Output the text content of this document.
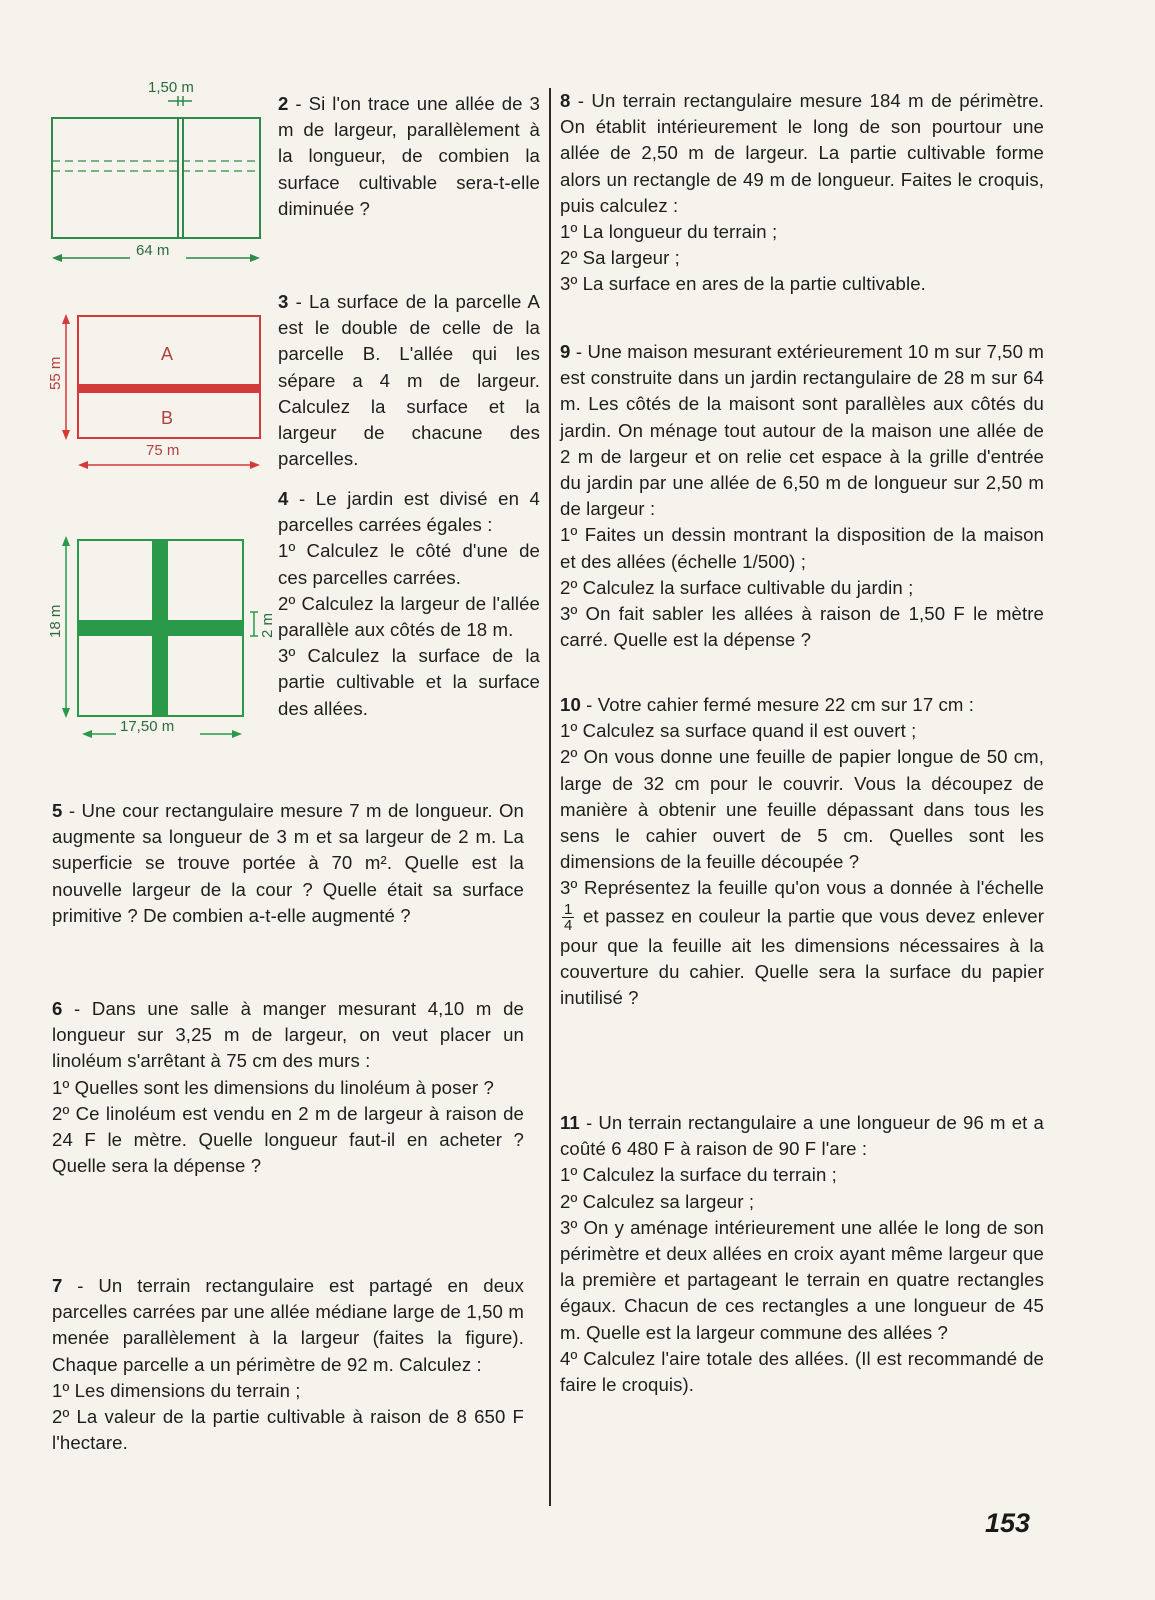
1,50 m
64 m
55 m
A
B
75 m
18 m	2 m
17,50 m

2 - Si l'on trace une allée de 3 m de largeur, parallèlement à la longueur, de combien la surface cultivable sera-t-elle diminuée ?

3 - La surface de la parcelle A est le double de celle de la parcelle B. L'allée qui les sépare a 4 m de largeur. Calculez la surface et la largeur de chacune des parcelles.

4 - Le jardin est divisé en 4 parcelles carrées égales :
1º Calculez le côté d'une de ces parcelles carrées.
2º Calculez la largeur de l'allée parallèle aux côtés de 18 m.
3º Calculez la surface de la partie cultivable et la surface des allées.

5 - Une cour rectangulaire mesure 7 m de longueur. On augmente sa longueur de 3 m et sa largeur de 2 m. La superficie se trouve portée à 70 m². Quelle est la nouvelle largeur de la cour ? Quelle était sa surface primitive ? De combien a-t-elle augmenté ?

6 - Dans une salle à manger mesurant 4,10 m de longueur sur 3,25 m de largeur, on veut placer un linoléum s'arrêtant à 75 cm des murs :
1º Quelles sont les dimensions du linoléum à poser ?
2º Ce linoléum est vendu en 2 m de largeur à raison de 24 F le mètre. Quelle longueur faut-il en acheter ? Quelle sera la dépense ?
7 - Un terrain rectangulaire est partagé en deux parcelles carrées par une allée médiane large de 1,50 m menée parallèlement à la largeur (faites la figure). Chaque parcelle a un périmètre de 92 m. Calculez :
1º Les dimensions du terrain ;
2º La valeur de la partie cultivable à raison de 8 650 F l'hectare.
8 - Un terrain rectangulaire mesure 184 m de périmètre. On établit intérieurement le long de son pourtour une allée de 2,50 m de largeur. La partie cultivable forme alors un rectangle de 49 m de longueur. Faites le croquis, puis calculez :
1º La longueur du terrain ;
2º Sa largeur ;
3º La surface en ares de la partie cultivable.
9 - Une maison mesurant extérieurement 10 m sur 7,50 m est construite dans un jardin rectangulaire de 28 m sur 64 m. Les côtés de la maisont sont parallèles aux côtés du jardin. On ménage tout autour de la maison une allée de 2 m de largeur et on relie cet espace à la grille d'entrée du jardin par une allée de 6,50 m de longueur sur 2,50 m de largeur :
1º Faites un dessin montrant la disposition de la maison et des allées (échelle 1/500) ;
2º Calculez la surface cultivable du jardin ;
3º On fait sabler les allées à raison de 1,50 F le mètre carré. Quelle est la dépense ?
10 - Votre cahier fermé mesure 22 cm sur 17 cm :
1º Calculez sa surface quand il est ouvert ;
2º On vous donne une feuille de papier longue de 50 cm, large de 32 cm pour le couvrir. Vous la découpez de manière à obtenir une feuille dépassant dans tous les sens le cahier ouvert de 5 cm. Quelles sont les dimensions de la feuille découpée ?
3º Représentez la feuille qu'on vous a donnée à l'échelle
$\frac{1}{4}$ et passez en couleur la partie que vous devez enlever pour que la feuille ait les dimensions nécessaires à la couverture du cahier. Quelle sera la surface du papier inutilisé ?
11 - Un terrain rectangulaire a une longueur de 96 m et a coûté 6 480 F à raison de 90 F l'are :
1º Calculez la surface du terrain ;
2º Calculez sa largeur ;
3º On y aménage intérieurement une allée le long de son périmètre et deux allées en croix ayant même largeur que la première et partageant le terrain en quatre rectangles égaux. Chacun de ces rectangles a une longueur de 45 m. Quelle est la largeur commune des allées ?
4º Calculez l'aire totale des allées. (Il est recommandé de faire le croquis).
153
